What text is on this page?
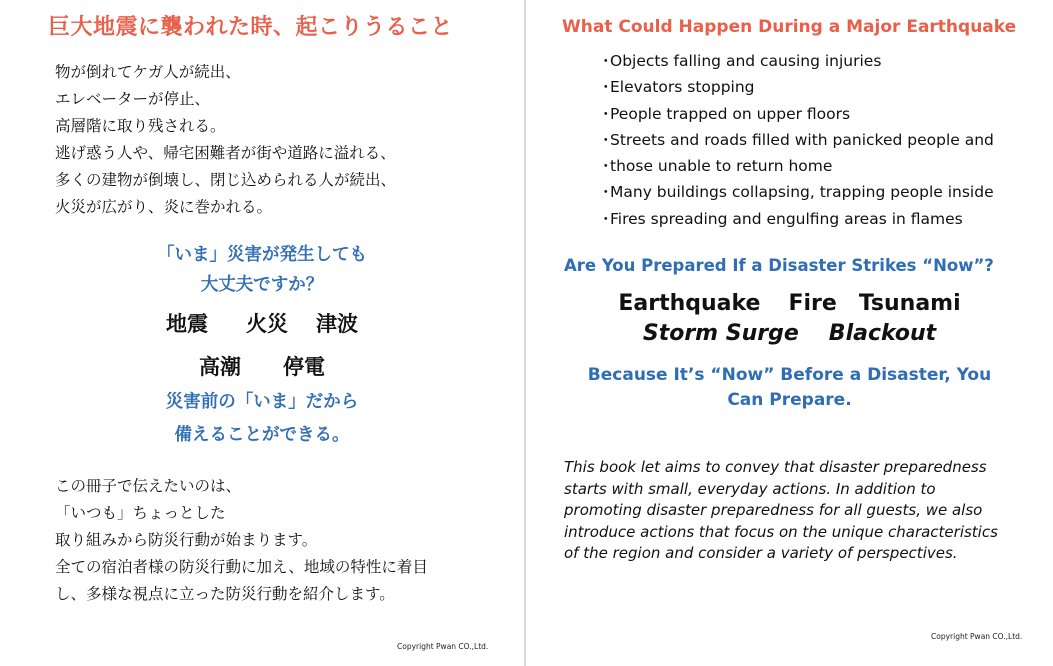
巨大地震に襲われた時、起こりうること
物が倒れてケガ人が続出、
エレベーターが停止、
高層階に取り残される。
逃げ惑う人や、帰宅困難者が街や道路に溢れる、
多くの建物が倒壊し、閉じ込められる人が続出、
火災が広がり、炎に巻かれる。
「いま」災害が発生しても
大丈夫ですか？
地震 火災 津波
高潮 停電
災害前の「いま」だから
備えることができる。
この冊子で伝えたいのは、
「いつも」ちょっとした
取り組みから防災行動が始まります。
全ての宿泊者様の防災行動に加え、地域の特性に着目
し、多様な視点に立った防災行動を紹介します。
Copyright Pwan CO.,Ltd.
What Could Happen During a Major Earthquake
・Objects falling and causing injuries
・Elevators stopping
・People trapped on upper floors
・Streets and roads filled with panicked people and
・those unable to return home
・Many buildings collapsing, trapping people inside
・Fires spreading and engulfing areas in flames
Are You Prepared If a Disaster Strikes “Now”?
Earthquake Fire Tsunami
Storm Surge Blackout
Because It’s “Now” Before a Disaster, You
Can Prepare.
This book let aims to convey that disaster preparedness
starts with small, everyday actions. In addition to
promoting disaster preparedness for all guests, we also
introduce actions that focus on the unique characteristics
of the region and consider a variety of perspectives.
Copyright Pwan CO.,Ltd.
